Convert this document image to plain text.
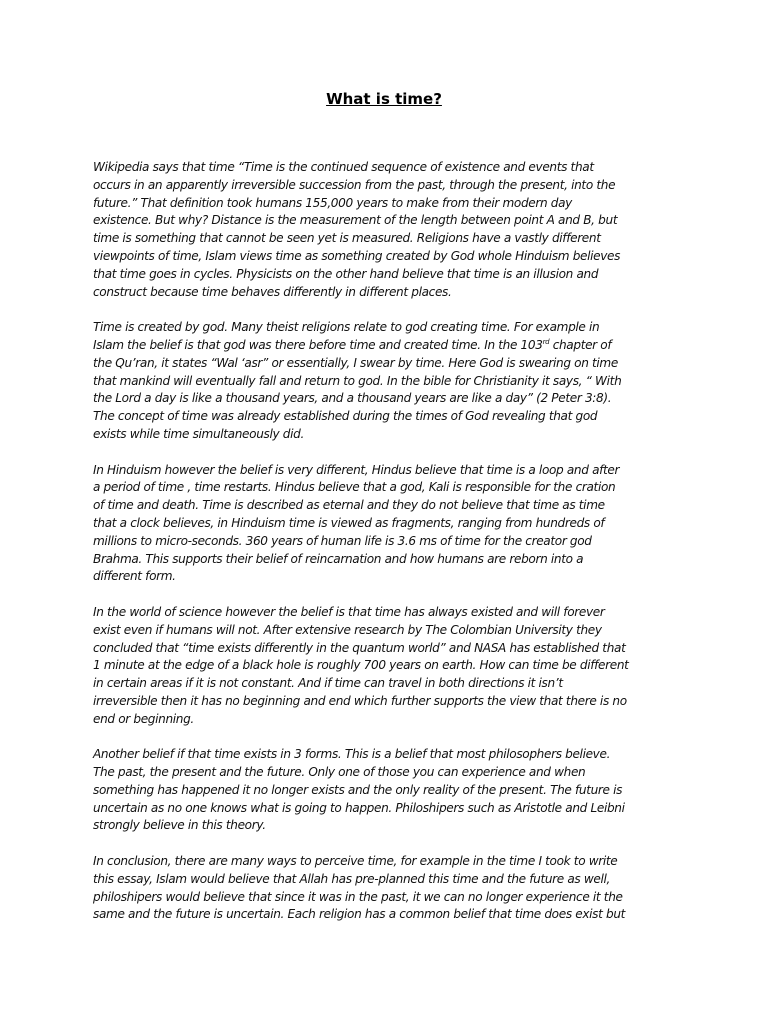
What is time?

Wikipedia says that time “Time is the continued sequence of existence and events that
occurs in an apparently irreversible succession from the past, through the present, into the
future.” That definition took humans 155,000 years to make from their modern day
existence. But why? Distance is the measurement of the length between point A and B, but
time is something that cannot be seen yet is measured. Religions have a vastly different
viewpoints of time, Islam views time as something created by God whole Hinduism believes
that time goes in cycles. Physicists on the other hand believe that time is an illusion and
construct because time behaves differently in different places.

Time is created by god. Many theist religions relate to god creating time. For example in
Islam the belief is that god was there before time and created time. In the 103rd chapter of
the Qu’ran, it states “Wal ‘asr” or essentially, I swear by time. Here God is swearing on time
that mankind will eventually fall and return to god. In the bible for Christianity it says, “ With
the Lord a day is like a thousand years, and a thousand years are like a day” (2 Peter 3:8).
The concept of time was already established during the times of God revealing that god
exists while time simultaneously did.

In Hinduism however the belief is very different, Hindus believe that time is a loop and after
a period of time , time restarts. Hindus believe that a god, Kali is responsible for the cration
of time and death. Time is described as eternal and they do not believe that time as time
that a clock believes, in Hinduism time is viewed as fragments, ranging from hundreds of
millions to micro-seconds. 360 years of human life is 3.6 ms of time for the creator god
Brahma. This supports their belief of reincarnation and how humans are reborn into a
different form.

In the world of science however the belief is that time has always existed and will forever
exist even if humans will not. After extensive research by The Colombian University they
concluded that “time exists differently in the quantum world” and NASA has established that
1 minute at the edge of a black hole is roughly 700 years on earth. How can time be different
in certain areas if it is not constant. And if time can travel in both directions it isn’t
irreversible then it has no beginning and end which further supports the view that there is no
end or beginning.

Another belief if that time exists in 3 forms. This is a belief that most philosophers believe.
The past, the present and the future. Only one of those you can experience and when
something has happened it no longer exists and the only reality of the present. The future is
uncertain as no one knows what is going to happen. Philoshipers such as Aristotle and Leibni
strongly believe in this theory.

In conclusion, there are many ways to perceive time, for example in the time I took to write
this essay, Islam would believe that Allah has pre-planned this time and the future as well,
philoshipers would believe that since it was in the past, it we can no longer experience it the
same and the future is uncertain. Each religion has a common belief that time does exist but
